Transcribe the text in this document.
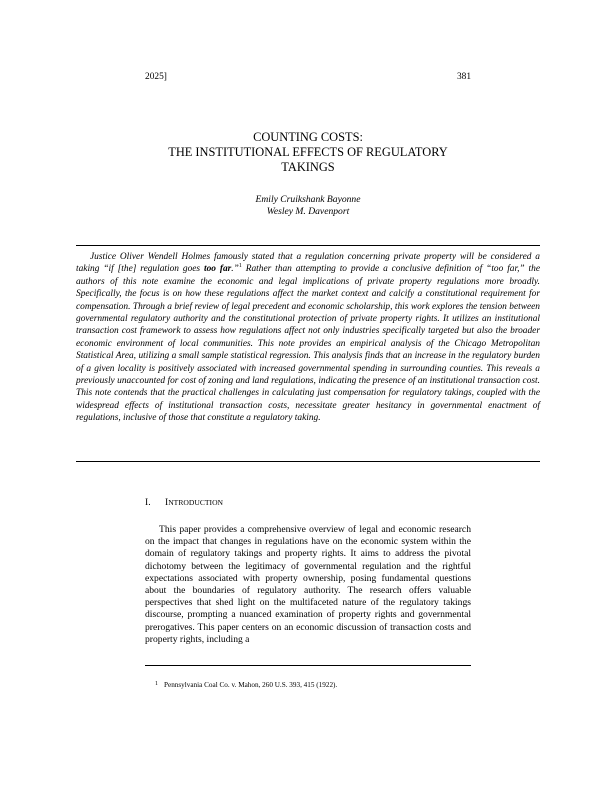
2025]	381
COUNTING COSTS:
THE INSTITUTIONAL EFFECTS OF REGULATORY
TAKINGS
Emily Cruikshank Bayonne
Wesley M. Davenport

Justice Oliver Wendell Holmes famously stated that a regulation concerning private property will be considered a taking “if [the] regulation goes too far.”$^1$ Rather than attempting to provide a conclusive definition of “too far,” the authors of this note examine the economic and legal implications of private property regulations more broadly. Specifically, the focus is on how these regulations affect the market context and calcify a constitutional requirement for compensation. Through a brief review of legal precedent and economic scholarship, this work explores the tension between governmental regulatory authority and the constitutional protection of private property rights. It utilizes an institutional transaction cost framework to assess how regulations affect not only industries specifically targeted but also the broader economic environment of local communities. This note provides an empirical analysis of the Chicago Metropolitan Statistical Area, utilizing a small sample statistical regression. This analysis finds that an increase in the regulatory burden of a given locality is positively associated with increased governmental spending in surrounding counties. This reveals a previously unaccounted for cost of zoning and land regulations, indicating the presence of an institutional transaction cost. This note contends that the practical challenges in calculating just compensation for regulatory takings, coupled with the widespread effects of institutional transaction costs, necessitate greater hesitancy in governmental enactment of regulations, inclusive of those that constitute a regulatory taking.

I. INTRODUCTION

This paper provides a comprehensive overview of legal and economic research on the impact that changes in regulations have on the economic system within the domain of regulatory takings and property rights. It aims to address the pivotal dichotomy between the legitimacy of governmental regulation and the rightful expectations associated with property ownership, posing fundamental questions about the boundaries of regulatory authority. The research offers valuable perspectives that shed light on the multifaceted nature of the regulatory takings discourse, prompting a nuanced examination of property rights and governmental prerogatives. This paper centers on an economic discussion of transaction costs and property rights, including a

1 Pennsylvania Coal Co. v. Mahon, 260 U.S. 393, 415 (1922).
